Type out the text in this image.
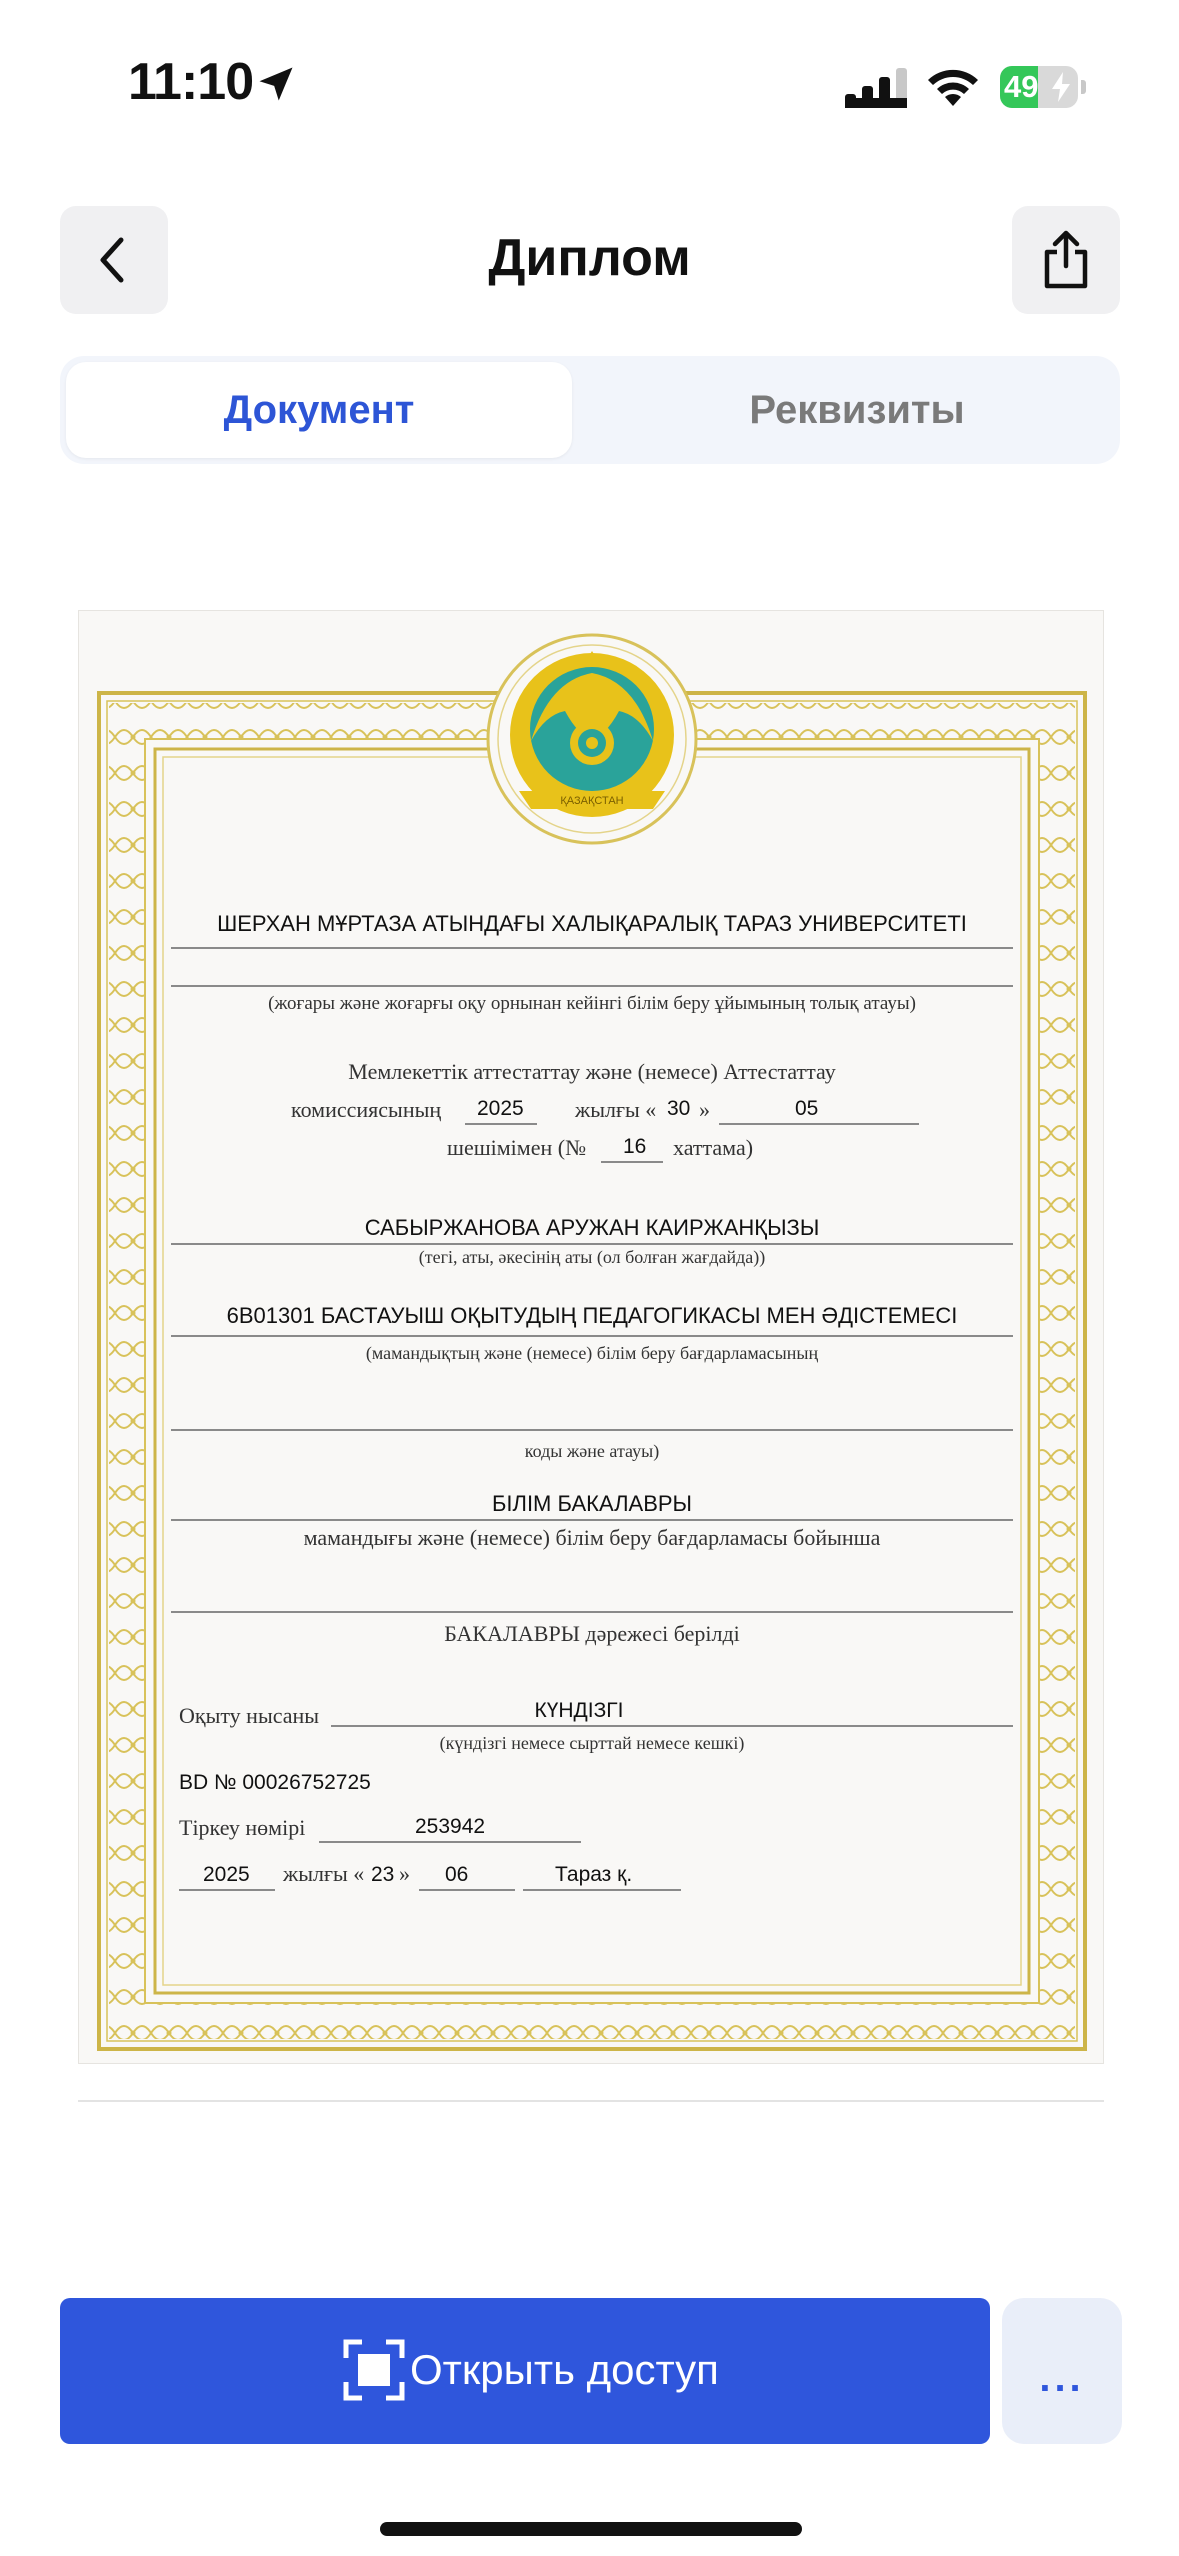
11:10	49
Диплом
Документ	Реквизиты
ҚАЗАҚСТАН
ШЕРХАН МҰРТАЗА АТЫНДАҒЫ ХАЛЫҚАРАЛЫҚ ТАРАЗ УНИВЕРСИТЕТІ
(жоғары және жоғарғы оқу орнынан кейінгі білім беру ұйымының толық атауы)
Мемлекеттік аттестаттау және (немесе) Аттестаттау
комиссиясының 2025 жылғы « 30 »	05
шешімімен (№ 16 хаттама)
САБЫРЖАНОВА АРУЖАН КАИРЖАНҚЫЗЫ
(тегі, аты, әкесінің аты (ол болған жағдайда))
6В01301 БАСТАУЫШ ОҚЫТУДЫҢ ПЕДАГОГИКАСЫ МЕН ӘДІСТЕМЕСІ
(мамандықтың және (немесе) білім беру бағдарламасының
коды және атауы)
БІЛІМ БАКАЛАВРЫ
мамандығы және (немесе) білім беру бағдарламасы бойынша
БАКАЛАВРЫ дәрежесі берілді
Оқыту нысаны	КҮНДІЗГІ
(күндізгі немесе сырттай немесе кешкі)
BD № 00026752725
Тіркеу нөмірі	253942
2025 жылғы « 23 » 06	Тараз қ.
Открыть доступ	...
